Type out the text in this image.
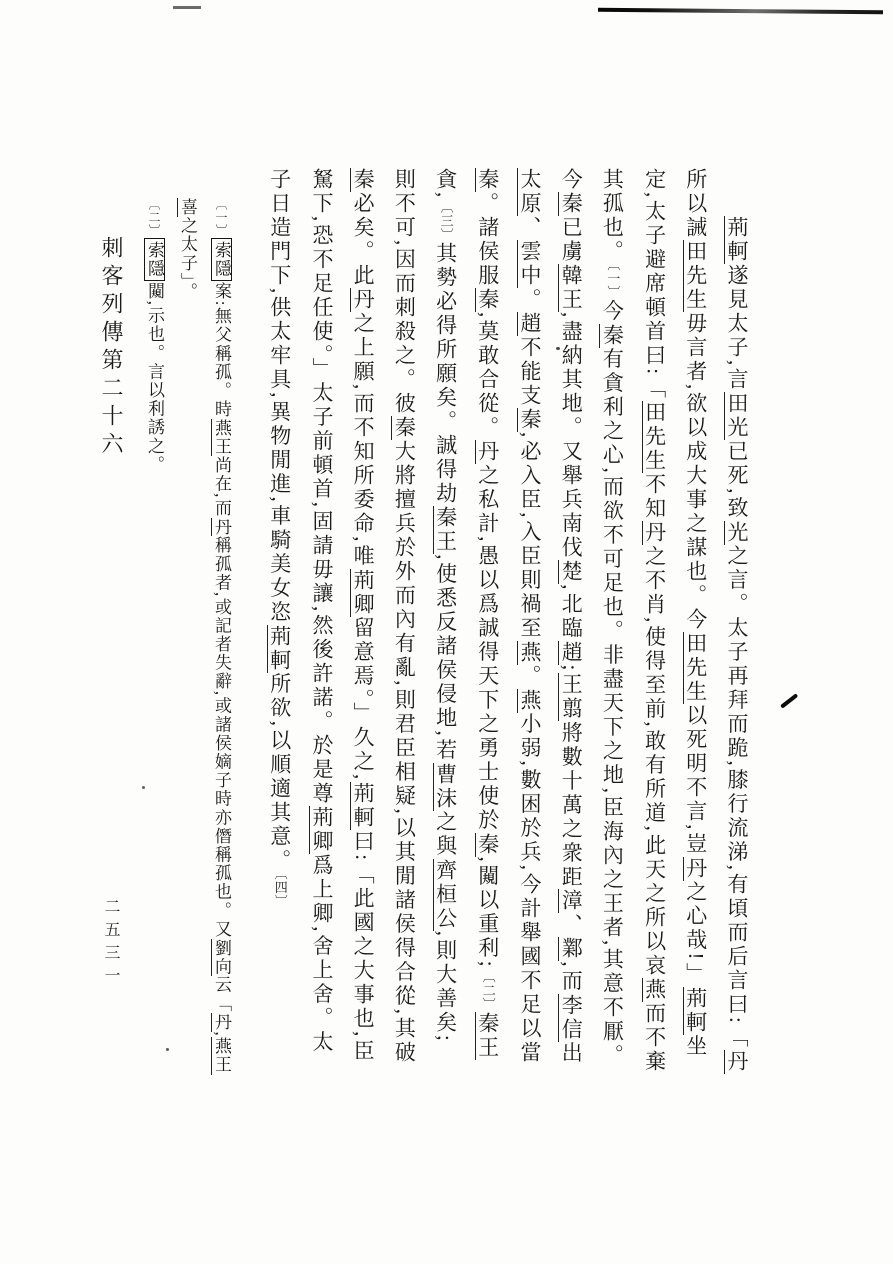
荊軻遂見太子,言田光已死,致光之言。太子再拜而跪,膝行流涕,有頃而后言曰:「丹
所以誡田先生毋言者,欲以成大事之謀也。今田先生以死明不言,豈丹之心哉!」荊軻坐
定,太子避席頓首曰:「田先生不知丹之不肖,使得至前,敢有所道,此天之所以哀燕而不棄
其孤也。〔一〕今秦有貪利之心,而欲不可足也。非盡天下之地,臣海內之王者,其意不厭。
今秦已虜韓王,盡納其地。又舉兵南伐楚,北臨趙;王翦將數十萬之衆距漳、鄴,而李信出
太原、雲中。趙不能支秦,必入臣,入臣則禍至燕。燕小弱,數困於兵,今計舉國不足以當
秦。諸侯服秦,莫敢合從。丹之私計,愚以爲誠得天下之勇士使於秦,闚以重利;〔二〕秦王
貪,〔三〕其勢必得所願矣。誠得劫秦王,使悉反諸侯侵地,若曹沫之與齊桓公,則大善矣;
則不可,因而刺殺之。彼秦大將擅兵於外而內有亂,則君臣相疑,以其閒諸侯得合從,其破
秦必矣。此丹之上願,而不知所委命,唯荊卿留意焉。」久之,荊軻曰:「此國之大事也,臣
駑下,恐不足任使。」太子前頓首,固請毋讓,然後許諾。於是尊荊卿爲上卿,舍上舍。太
子日造門下,供太牢具,異物閒進,車騎美女恣荊軻所欲,以順適其意。〔四〕
〔一〕索隱案:無父稱孤。時燕王尚在,而丹稱孤者,或記者失辭,或諸侯嫡子時亦僭稱孤也。又劉向云「丹,燕王
喜之太子」。
〔二〕索隱闚,示也。言以利誘之。
刺客列傳第二十六
二五三一
